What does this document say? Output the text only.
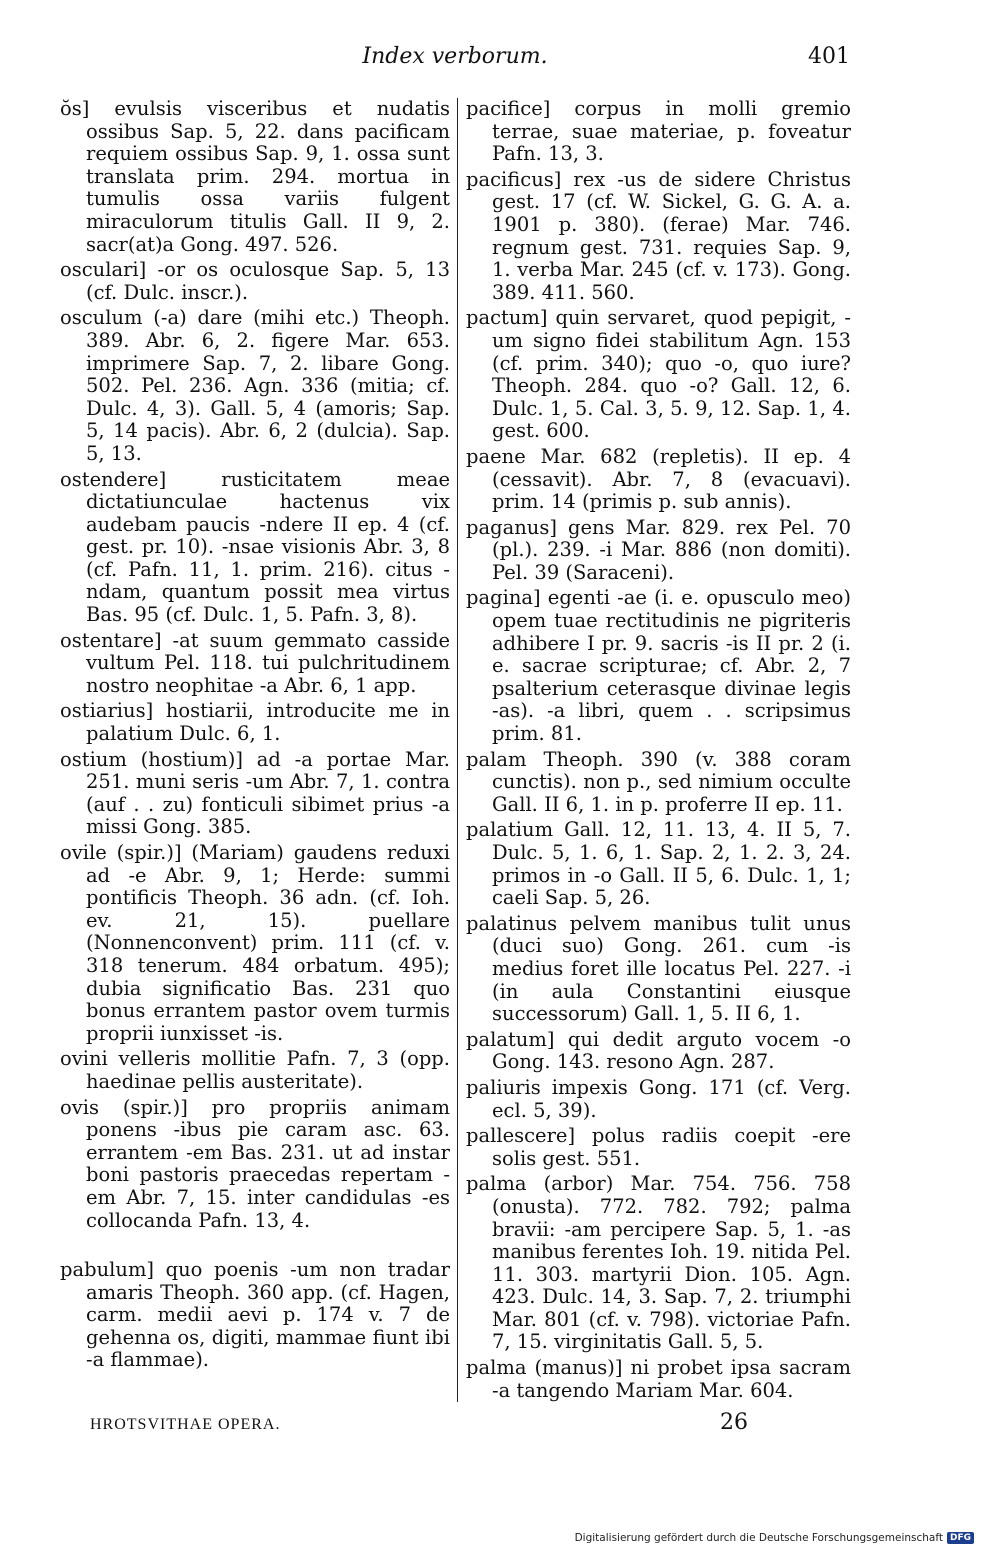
Index verborum.	401

ŏs] evulsis visceribus et nudatis ossibus Sap. 5, 22. dans pacificam requiem ossibus Sap. 9, 1. ossa sunt translata prim. 294. mortua in tumulis ossa variis fulgent miraculorum titulis Gall. II 9, 2. sacr(at)a Gong. 497. 526.

osculari] -or os oculosque Sap. 5, 13 (cf. Dulc. inscr.).

osculum (-a) dare (mihi etc.) Theoph. 389. Abr. 6, 2. figere Mar. 653. imprimere Sap. 7, 2. libare Gong. 502. Pel. 236. Agn. 336 (mitia; cf. Dulc. 4, 3). Gall. 5, 4 (amoris; Sap. 5, 14 pacis). Abr. 6, 2 (dulcia). Sap. 5, 13.

ostendere] rusticitatem meae dictatiunculae hactenus vix audebam paucis -ndere II ep. 4 (cf. gest. pr. 10). -nsae visionis Abr. 3, 8 (cf. Pafn. 11, 1. prim. 216). citus -ndam, quantum possit mea virtus Bas. 95 (cf. Dulc. 1, 5. Pafn. 3, 8).

ostentare] -at suum gemmato casside vultum Pel. 118. tui pulchritudinem nostro neophitae -a Abr. 6, 1 app.

ostiarius] hostiarii, introducite me in palatium Dulc. 6, 1.

ostium (hostium)] ad -a portae Mar. 251. muni seris -um Abr. 7, 1. contra (auf . . zu) fonticuli sibimet prius -a missi Gong. 385.

ovile (spir.)] (Mariam) gaudens reduxi ad -e Abr. 9, 1; Herde: summi pontificis Theoph. 36 adn. (cf. Ioh. ev. 21, 15). puellare (Nonnenconvent) prim. 111 (cf. v. 318 tenerum. 484 orbatum. 495); dubia significatio Bas. 231 quo bonus errantem pastor ovem turmis proprii iunxisset -is.

ovini velleris mollitie Pafn. 7, 3 (opp. haedinae pellis austeritate).

ovis (spir.)] pro propriis animam ponens -ibus pie caram asc. 63. errantem -em Bas. 231. ut ad instar boni pastoris praecedas repertam -em Abr. 7, 15. inter candidulas -es collocanda Pafn. 13, 4.

pabulum] quo poenis -um non tradar amaris Theoph. 360 app. (cf. Hagen, carm. medii aevi p. 174 v. 7 de gehenna os, digiti, mammae fiunt ibi -a flammae).

pacifice] corpus in molli gremio terrae, suae materiae, p. foveatur Pafn. 13, 3.

pacificus] rex -us de sidere Christus gest. 17 (cf. W. Sickel, G. G. A. a. 1901 p. 380). (ferae) Mar. 746. regnum gest. 731. requies Sap. 9, 1. verba Mar. 245 (cf. v. 173). Gong. 389. 411. 560.

pactum] quin servaret, quod pepigit, -um signo fidei stabilitum Agn. 153 (cf. prim. 340); quo -o, quo iure? Theoph. 284. quo -o? Gall. 12, 6. Dulc. 1, 5. Cal. 3, 5. 9, 12. Sap. 1, 4. gest. 600.

paene Mar. 682 (repletis). II ep. 4 (cessavit). Abr. 7, 8 (evacuavi). prim. 14 (primis p. sub annis).

paganus] gens Mar. 829. rex Pel. 70 (pl.). 239. -i Mar. 886 (non domiti). Pel. 39 (Saraceni).

pagina] egenti -ae (i. e. opusculo meo) opem tuae rectitudinis ne pigriteris adhibere I pr. 9. sacris -is II pr. 2 (i. e. sacrae scripturae; cf. Abr. 2, 7 psalterium ceterasque divinae legis -as). -a libri, quem . . scripsimus prim. 81.

palam Theoph. 390 (v. 388 coram cunctis). non p., sed nimium occulte Gall. II 6, 1. in p. proferre II ep. 11.

palatium Gall. 12, 11. 13, 4. II 5, 7. Dulc. 5, 1. 6, 1. Sap. 2, 1. 2. 3, 24. primos in -o Gall. II 5, 6. Dulc. 1, 1; caeli Sap. 5, 26.

palatinus pelvem manibus tulit unus (duci suo) Gong. 261. cum -is medius foret ille locatus Pel. 227. -i (in aula Constantini eiusque successorum) Gall. 1, 5. II 6, 1.

palatum] qui dedit arguto vocem -o Gong. 143. resono Agn. 287.

paliuris impexis Gong. 171 (cf. Verg. ecl. 5, 39).

pallescere] polus radiis coepit -ere solis gest. 551.

palma (arbor) Mar. 754. 756. 758 (onusta). 772. 782. 792; palma bravii: -am percipere Sap. 5, 1. -as manibus ferentes Ioh. 19. nitida Pel. 11. 303. martyrii Dion. 105. Agn. 423. Dulc. 14, 3. Sap. 7, 2. triumphi Mar. 801 (cf. v. 798). victoriae Pafn. 7, 15. virginitatis Gall. 5, 5.

palma (manus)] ni probet ipsa sacram -a tangendo Mariam Mar. 604.

HROTSVITHAE OPERA.	26
Digitalisierung gefördert durch die Deutsche Forschungsgemeinschaft DFG
